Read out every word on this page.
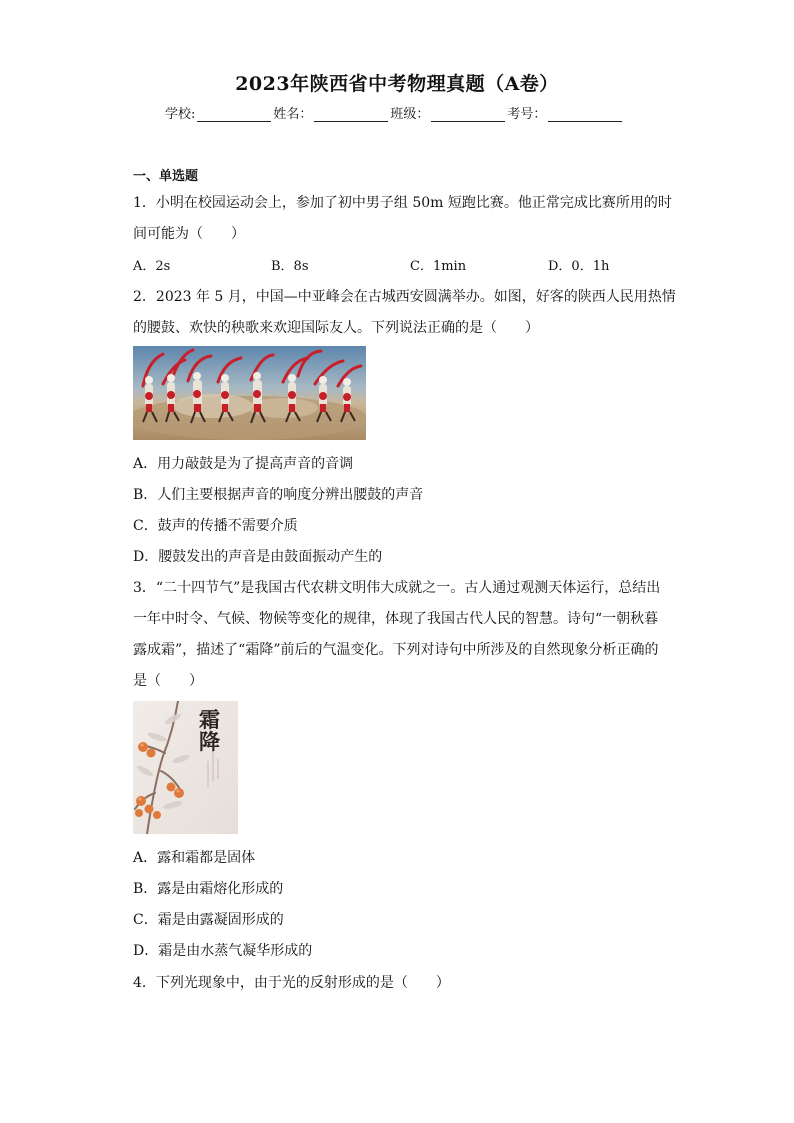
2023年陕西省中考物理真题（A卷）
学校:	姓名：	班级：	考号：
一、单选题
1．小明在校园运动会上，参加了初中男子组 50m 短跑比赛。他正常完成比赛所用的时
间可能为（　　）
A．2s	B．8s	C．1min	D．0．1h
2．2023 年 5 月，中国—中亚峰会在古城西安圆满举办。如图，好客的陕西人民用热情
的腰鼓、欢快的秧歌来欢迎国际友人。下列说法正确的是（　　）
A．用力敲鼓是为了提高声音的音调
B．人们主要根据声音的响度分辨出腰鼓的声音
C．鼓声的传播不需要介质
D．腰鼓发出的声音是由鼓面振动产生的
3．“二十四节气”是我国古代农耕文明伟大成就之一。古人通过观测天体运行，总结出
一年中时令、气候、物候等变化的规律，体现了我国古代人民的智慧。诗句“一朝秋暮
露成霜”，描述了“霜降”前后的气温变化。下列对诗句中所涉及的自然现象分析正确的
是（　　）
霜降
A．露和霜都是固体
B．露是由霜熔化形成的
C．霜是由露凝固形成的
D．霜是由水蒸气凝华形成的
4．下列光现象中，由于光的反射形成的是（　　）
